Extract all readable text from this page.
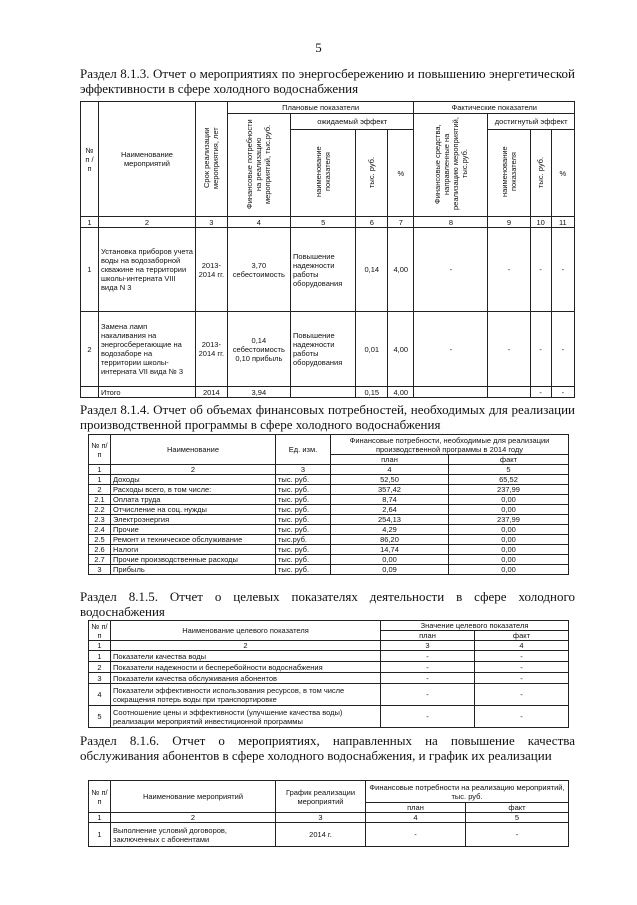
5
Раздел 8.1.3. Отчет о мероприятиях по энергосбережению и повышению энергетической эффективности в сфере холодного водоснабжения
№ п / п	Наименование мероприятий	Срок реализации мероприятия, лет	Плановые показатели				Фактические показатели			
			Финансовые потребности на реализацию мероприятий, тыс.руб.	ожидаемый эффект			Финансовые средства, направленные на реализацию мероприятий, тыс.руб.	достигнутый эффект		
				наименование показателя	тыс. руб.	%		наименование показателя	тыс. руб.	%
1	2	3	4	5	6	7	8	9	10	11
1	Установка приборов учета воды на водозаборной скважине на территории школы-интерната VIII вида N 3	2013-2014 гг.	3,70 себестоимость	Повышение надежности работы оборудования	0,14	4,00	-	-	-	-
2	Замена ламп накаливания на энергосберегающие на водозаборе на территории школы-интерната VII вида № 3	2013-2014 гг.	0,14 себестоимость 0,10 прибыль	Повышение надежности работы оборудования	0,01	4,00	-	-	-	-
	Итого	2014	3,94		0,15	4,00			-	-
Раздел 8.1.4. Отчет об объемах финансовых потребностей, необходимых для реализации производственной программы в сфере холодного водоснабжения
№ п/п	Наименование	Ед. изм.	Финансовые потребности, необходимые для реализации производственной программы в 2014 году	
			план	факт
1	2	3	4	5
1	Доходы	тыс. руб.	52,50	65,52
2	Расходы всего, в том числе:	тыс. руб.	357,42	237,99
2.1	Оплата труда	тыс. руб.	8,74	0,00
2.2	Отчисление на соц. нужды	тыс. руб.	2,64	0,00
2.3	Электроэнергия	тыс. руб.	254,13	237,99
2.4	Прочие	тыс. руб.	4,29	0,00
2.5	Ремонт и техническое обслуживание	тыс.руб.	86,20	0,00
2.6	Налоги	тыс. руб.	14,74	0,00
2.7	Прочие производственные расходы	тыс. руб.	0,00	0,00
3	Прибыль	тыс. руб.	0,09	0,00
Раздел 8.1.5. Отчет о целевых показателях деятельности в сфере холодного водоснабжения
№ п/п	Наименование целевого показателя	Значение целевого показателя	
		план	факт
1	2	3	4
1	Показатели качества воды	-	-
2	Показатели надежности и бесперебойности водоснабжения	-	-
3	Показатели качества обслуживания абонентов	-	-
4	Показатели эффективности использования ресурсов, в том числе сокращения потерь воды при транспортировке	-	-
5	Соотношение цены и эффективности (улучшение качества воды) реализации мероприятий инвестиционной программы	-	-
Раздел 8.1.6. Отчет о мероприятиях, направленных на повышение качества обслуживания абонентов в сфере холодного водоснабжения, и график их реализации
№ п/п	Наименование мероприятий	График реализации мероприятий	Финансовые потребности на реализацию мероприятий, тыс. руб.	
			план	факт
1	2	3	4	5
1	Выполнение условий договоров, заключенных с абонентами	2014 г.	-	-
